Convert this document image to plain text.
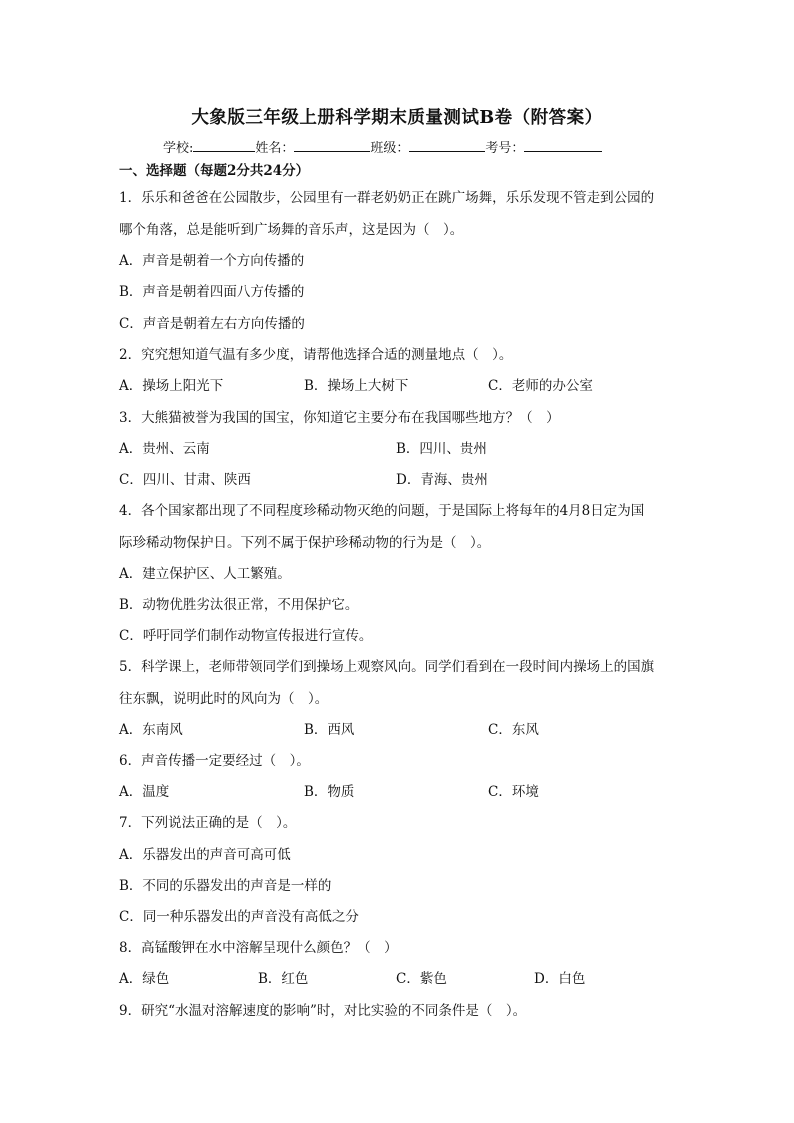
大象版三年级上册科学期末质量测试B卷（附答案）
学校:	姓名：	班级：	考号：
一、选择题（每题2分共24分）
1．乐乐和爸爸在公园散步，公园里有一群老奶奶正在跳广场舞，乐乐发现不管走到公园的
哪个角落，总是能听到广场舞的音乐声，这是因为（　）。
A．声音是朝着一个方向传播的
B．声音是朝着四面八方传播的
C．声音是朝着左右方向传播的
2．究究想知道气温有多少度，请帮他选择合适的测量地点（　）。
A．操场上阳光下	B．操场上大树下	C．老师的办公室
3．大熊猫被誉为我国的国宝，你知道它主要分布在我国哪些地方？（　）
A．贵州、云南	B．四川、贵州
C．四川、甘肃、陕西	D．青海、贵州
4．各个国家都出现了不同程度珍稀动物灭绝的问题，于是国际上将每年的4月8日定为国
际珍稀动物保护日。下列不属于保护珍稀动物的行为是（　）。
A．建立保护区、人工繁殖。
B．动物优胜劣汰很正常，不用保护它。
C．呼吁同学们制作动物宣传报进行宣传。
5．科学课上，老师带领同学们到操场上观察风向。同学们看到在一段时间内操场上的国旗
往东飘，说明此时的风向为（　）。
A．东南风	B．西风	C．东风
6．声音传播一定要经过（　）。
A．温度	B．物质	C．环境
7．下列说法正确的是（　）。
A．乐器发出的声音可高可低
B．不同的乐器发出的声音是一样的
C．同一种乐器发出的声音没有高低之分
8．高锰酸钾在水中溶解呈现什么颜色？（　）
A．绿色	B．红色	C．紫色	D．白色
9．研究“水温对溶解速度的影响”时，对比实验的不同条件是（　）。
